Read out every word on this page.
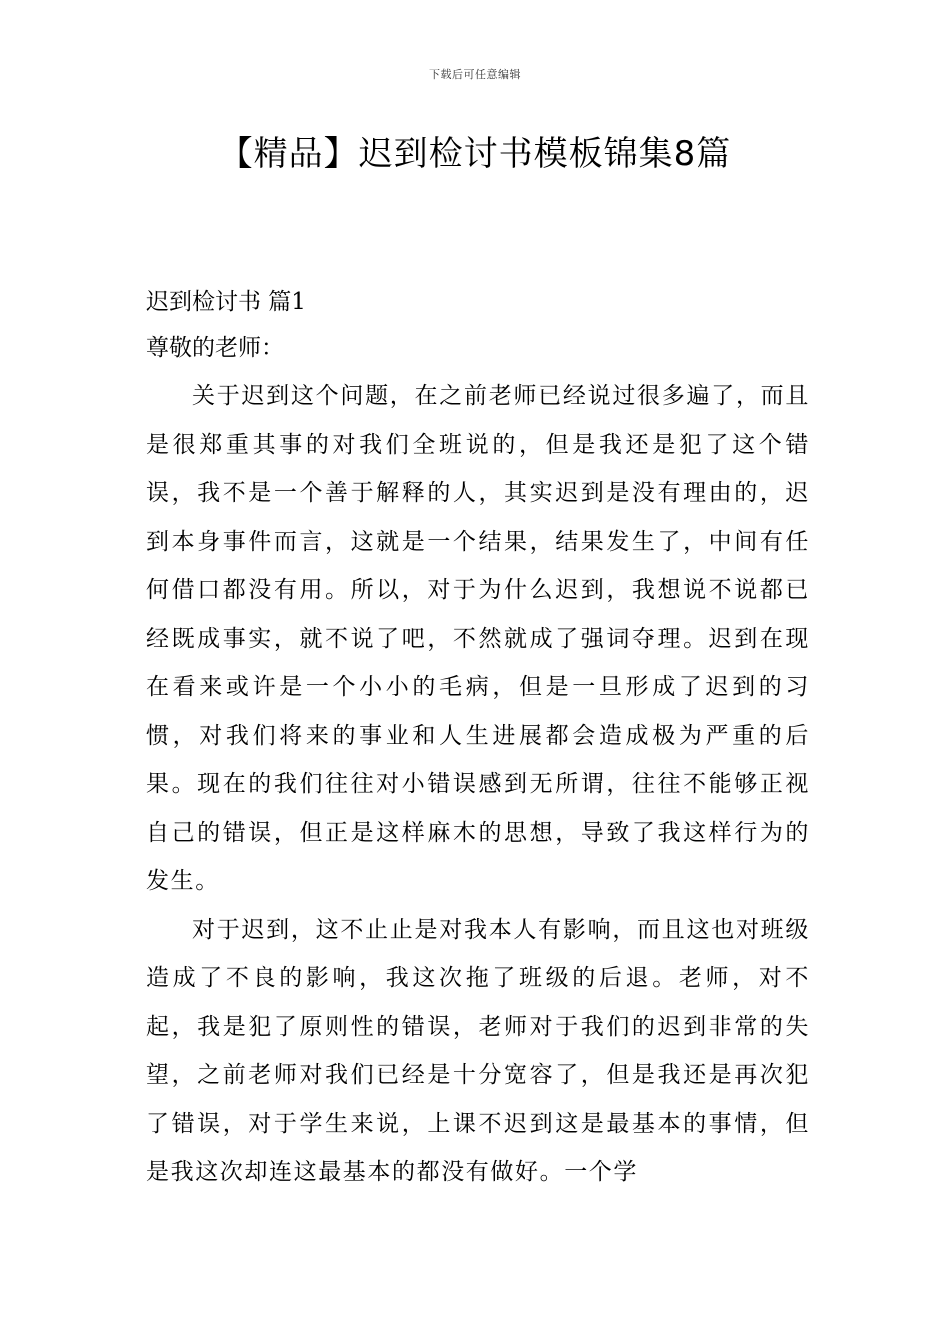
下载后可任意编辑
【精品】迟到检讨书模板锦集8篇
迟到检讨书 篇1

尊敬的老师：

关于迟到这个问题，在之前老师已经说过很多遍了，而且是很郑重其事的对我们全班说的，但是我还是犯了这个错误，我不是一个善于解释的人，其实迟到是没有理由的，迟到本身事件而言，这就是一个结果，结果发生了，中间有任何借口都没有用。所以，对于为什么迟到，我想说不说都已经既成事实，就不说了吧，不然就成了强词夺理。迟到在现在看来或许是一个小小的毛病，但是一旦形成了迟到的习惯，对我们将来的事业和人生进展都会造成极为严重的后果。现在的我们往往对小错误感到无所谓，往往不能够正视自己的错误，但正是这样麻木的思想，导致了我这样行为的发生。

对于迟到，这不止止是对我本人有影响，而且这也对班级造成了不良的影响，我这次拖了班级的后退。老师，对不起，我是犯了原则性的错误，老师对于我们的迟到非常的失望，之前老师对我们已经是十分宽容了，但是我还是再次犯了错误，对于学生来说，上课不迟到这是最基本的事情，但是我这次却连这最基本的都没有做好。一个学
